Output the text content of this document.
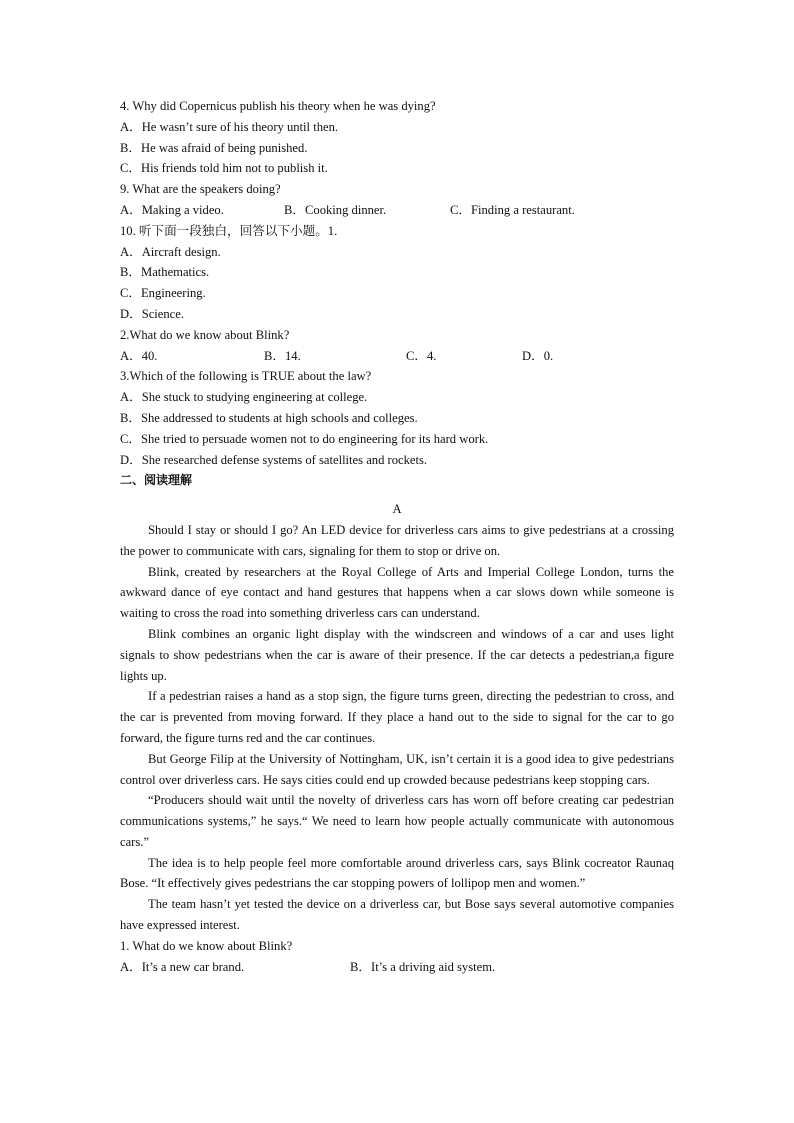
4. Why did Copernicus publish his theory when he was dying?
A．He wasn’t sure of his theory until then.
B．He was afraid of being punished.
C．His friends told him not to publish it.
9. What are the speakers doing?
A．Making a video.	B．Cooking dinner.	C．Finding a restaurant.
10. 听下面一段独白，回答以下小题。1.
A．Aircraft design.
B．Mathematics.
C．Engineering.
D．Science.
2.What do we know about Blink?
A．40.	B．14.	C．4.	D．0.
3.Which of the following is TRUE about the law?
A．She stuck to studying engineering at college.
B．She addressed to students at high schools and colleges.
C．She tried to persuade women not to do engineering for its hard work.
D．She researched defense systems of satellites and rockets.
二、阅读理解
A

Should I stay or should I go? An LED device for driverless cars aims to give pedestrians at a crossing the power to communicate with cars, signaling for them to stop or drive on.

Blink, created by researchers at the Royal College of Arts and Imperial College London, turns the awkward dance of eye contact and hand gestures that happens when a car slows down while someone is waiting to cross the road into something driverless cars can understand.

Blink combines an organic light display with the windscreen and windows of a car and uses light signals to show pedestrians when the car is aware of their presence. If the car detects a pedestrian,a figure lights up.

If a pedestrian raises a hand as a stop sign, the figure turns green, directing the pedestrian to cross, and the car is prevented from moving forward. If they place a hand out to the side to signal for the car to go forward, the figure turns red and the car continues.

But George Filip at the University of Nottingham, UK, isn’t certain it is a good idea to give pedestrians control over driverless cars. He says cities could end up crowded because pedestrians keep stopping cars.

“Producers should wait until the novelty of driverless cars has worn off before creating car pedestrian communications systems,” he says.“ We need to learn how people actually communicate with autonomous cars.”

The idea is to help people feel more comfortable around driverless cars, says Blink cocreator Raunaq Bose. “It effectively gives pedestrians the car stopping powers of lollipop men and women.”

The team hasn’t yet tested the device on a driverless car, but Bose says several automotive companies have expressed interest.

1. What do we know about Blink?
A．It’s a new car brand.	B．It’s a driving aid system.
